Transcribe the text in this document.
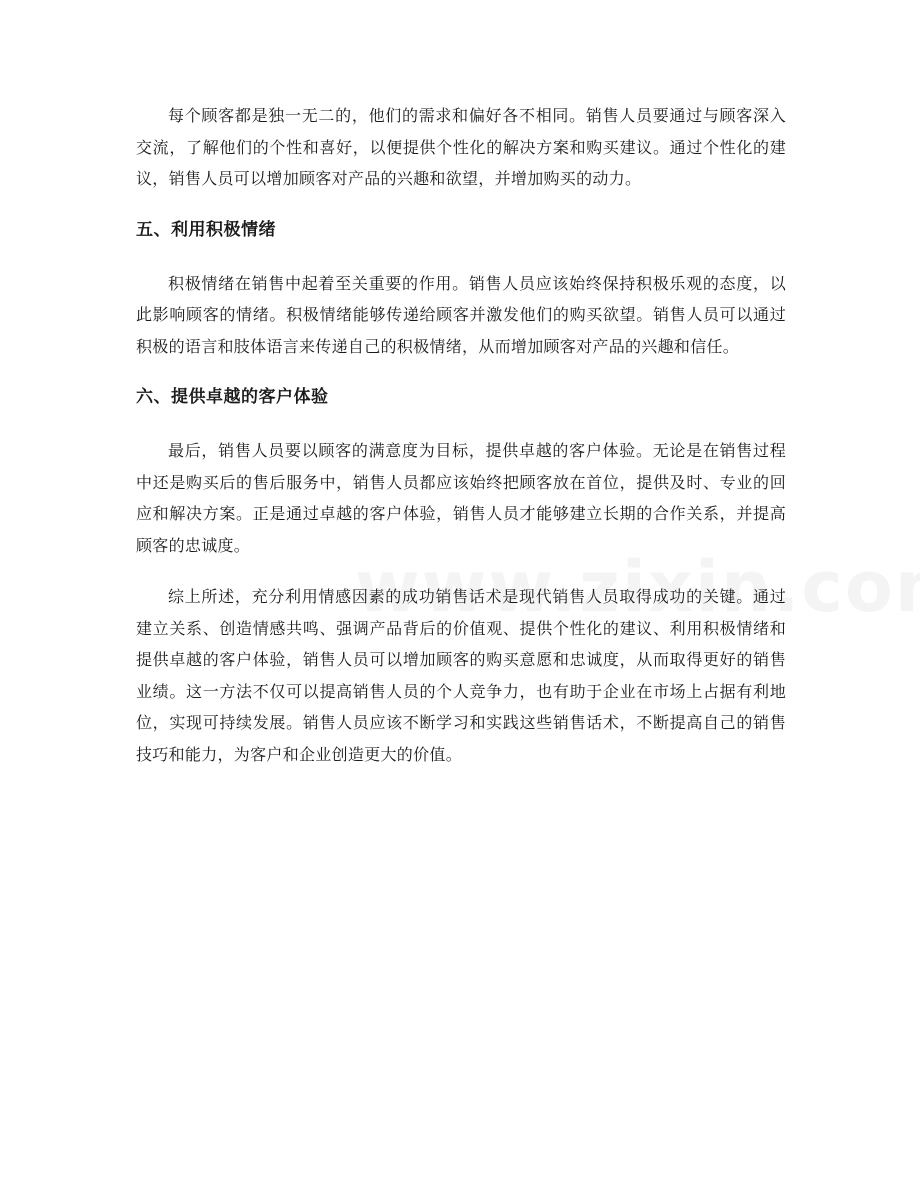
每个顾客都是独一无二的，他们的需求和偏好各不相同。销售人员要通过与顾客深入交流，了解他们的个性和喜好，以便提供个性化的解决方案和购买建议。通过个性化的建议，销售人员可以增加顾客对产品的兴趣和欲望，并增加购买的动力。

五、利用积极情绪

积极情绪在销售中起着至关重要的作用。销售人员应该始终保持积极乐观的态度，以此影响顾客的情绪。积极情绪能够传递给顾客并激发他们的购买欲望。销售人员可以通过积极的语言和肢体语言来传递自己的积极情绪，从而增加顾客对产品的兴趣和信任。

六、提供卓越的客户体验

最后，销售人员要以顾客的满意度为目标，提供卓越的客户体验。无论是在销售过程中还是购买后的售后服务中，销售人员都应该始终把顾客放在首位，提供及时、专业的回应和解决方案。正是通过卓越的客户体验，销售人员才能够建立长期的合作关系，并提高顾客的忠诚度。

综上所述，充分利用情感因素的成功销售话术是现代销售人员取得成功的关键。通过建立关系、创造情感共鸣、强调产品背后的价值观、提供个性化的建议、利用积极情绪和提供卓越的客户体验，销售人员可以增加顾客的购买意愿和忠诚度，从而取得更好的销售业绩。这一方法不仅可以提高销售人员的个人竞争力，也有助于企业在市场上占据有利地位，实现可持续发展。销售人员应该不断学习和实践这些销售话术，不断提高自己的销售技巧和能力，为客户和企业创造更大的价值。
